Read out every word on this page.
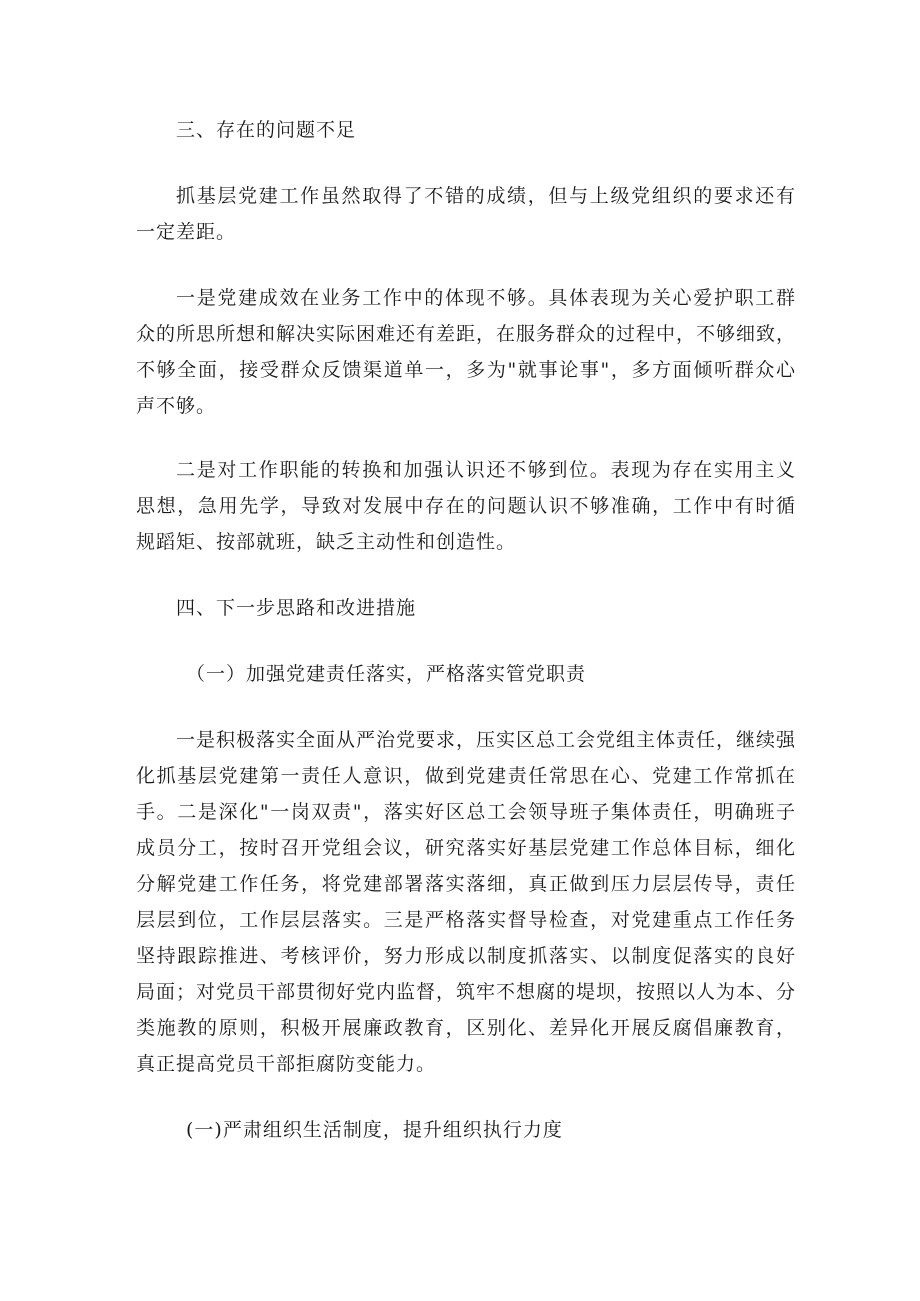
三、存在的问题不足
抓基层党建工作虽然取得了不错的成绩，但与上级党组织的要求还有
一定差距。
一是党建成效在业务工作中的体现不够。具体表现为关心爱护职工群
众的所思所想和解决实际困难还有差距，在服务群众的过程中，不够细致，
不够全面，接受群众反馈渠道单一，多为"就事论事"，多方面倾听群众心
声不够。
二是对工作职能的转换和加强认识还不够到位。表现为存在实用主义
思想，急用先学，导致对发展中存在的问题认识不够准确，工作中有时循
规蹈矩、按部就班，缺乏主动性和创造性。
四、下一步思路和改进措施
（一）加强党建责任落实，严格落实管党职责
一是积极落实全面从严治党要求，压实区总工会党组主体责任，继续强
化抓基层党建第一责任人意识，做到党建责任常思在心、党建工作常抓在
手。二是深化"一岗双责"，落实好区总工会领导班子集体责任，明确班子
成员分工，按时召开党组会议，研究落实好基层党建工作总体目标，细化
分解党建工作任务，将党建部署落实落细，真正做到压力层层传导，责任
层层到位，工作层层落实。三是严格落实督导检查，对党建重点工作任务
坚持跟踪推进、考核评价，努力形成以制度抓落实、以制度促落实的良好
局面；对党员干部贯彻好党内监督，筑牢不想腐的堤坝，按照以人为本、分
类施教的原则，积极开展廉政教育，区别化、差异化开展反腐倡廉教育，
真正提高党员干部拒腐防变能力。
(一)严肃组织生活制度，提升组织执行力度
